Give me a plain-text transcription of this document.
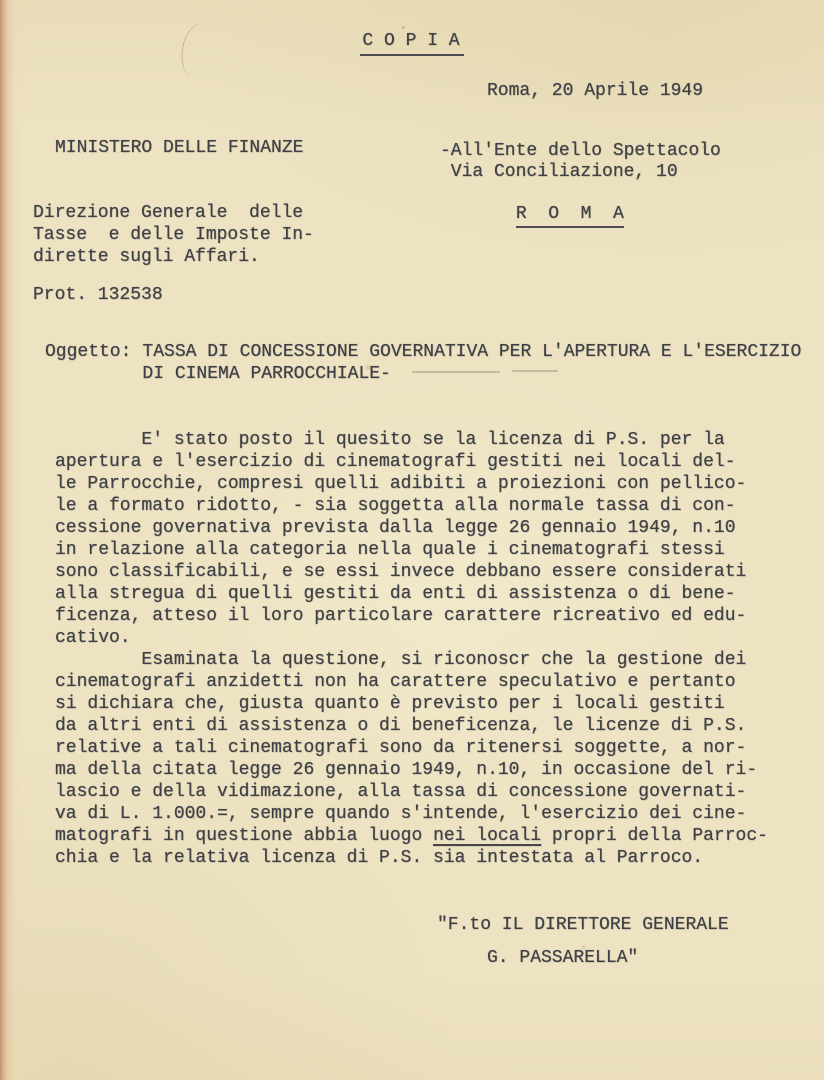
C O P I A
Roma, 20 Aprile 1949
MINISTERO DELLE FINANZE	-All'Ente dello Spettacolo
Via Conciliazione, 10

R  O  M  A

Direzione Generale  delle
Tasse  e delle Imposte In-
dirette sugli Affari.
Prot. 132538
Oggetto: TASSA DI CONCESSIONE GOVERNATIVA PER L'APERTURA E L'ESERCIZIO
DI CINEMA PARROCCHIALE-
E' stato posto il quesito se la licenza di P.S. per la
apertura e l'esercizio di cinematografi gestiti nei locali del-
le Parrocchie, compresi quelli adibiti a proiezioni con pellico-
le a formato ridotto, - sia soggetta alla normale tassa di con-
cessione governativa prevista dalla legge 26 gennaio 1949, n.10
in relazione alla categoria nella quale i cinematografi stessi
sono classificabili, e se essi invece debbano essere considerati
alla stregua di quelli gestiti da enti di assistenza o di bene-
ficenza, atteso il loro particolare carattere ricreativo ed edu-
cativo.
Esaminata la questione, si riconoscr che la gestione dei
cinematografi anzidetti non ha carattere speculativo e pertanto
si dichiara che, giusta quanto è previsto per i locali gestiti
da altri enti di assistenza o di beneficenza, le licenze di P.S.
relative a tali cinematografi sono da ritenersi soggette, a nor-
ma della citata legge 26 gennaio 1949, n.10, in occasione del ri-
lascio e della vidimazione, alla tassa di concessione governati-
va di L. 1.000.=, sempre quando s'intende, l'esercizio dei cine-
matografi in questione abbia luogo nei locali propri della Parroc-
chia e la relativa licenza di P.S. sia intestata al Parroco.
"F.to IL DIRETTORE GENERALE
G. PASSARELLA"
